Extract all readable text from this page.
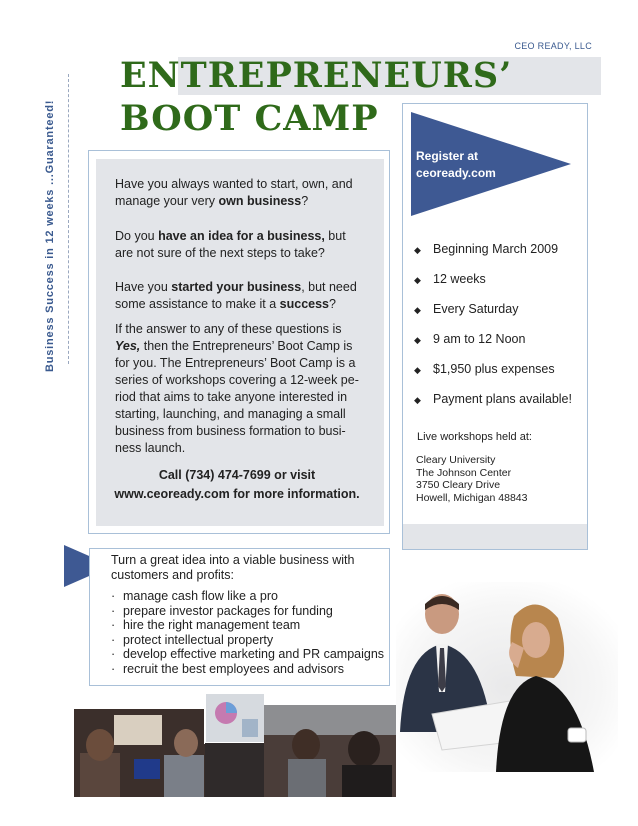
CEO READY, LLC
ENTREPRENEURS’
BOOT CAMP
Business Success in 12 weeks ...Guaranteed!	Have you always wanted to start, own, and manage your very own business?
Do you have an idea for a business, but are not sure of the next steps to take?
Have you started your business, but need some assistance to make it a success?
If the answer to any of these questions is Yes, then the Entrepreneurs’ Boot Camp is for you. The Entrepreneurs’ Boot Camp is a series of workshops covering a 12-week pe-riod that aims to take anyone interested in starting, launching, and managing a small business from business formation to busi-ness launch.
Call (734) 474-7699 or visit www.ceoready.com for more information.
Register at
ceoready.com
◆ Beginning March 2009
◆ 12 weeks
◆ Every Saturday
◆ 9 am to 12 Noon
◆ $1,950 plus expenses
◆ Payment plans available!
Live workshops held at:
Cleary University
The Johnson Center
3750 Cleary Drive
Howell, Michigan 48843
Turn a great idea into a viable business with customers and profits:
· manage cash flow like a pro
· prepare investor packages for funding
· hire the right management team
· protect intellectual property
· develop effective marketing and PR campaigns
· recruit the best employees and advisors
